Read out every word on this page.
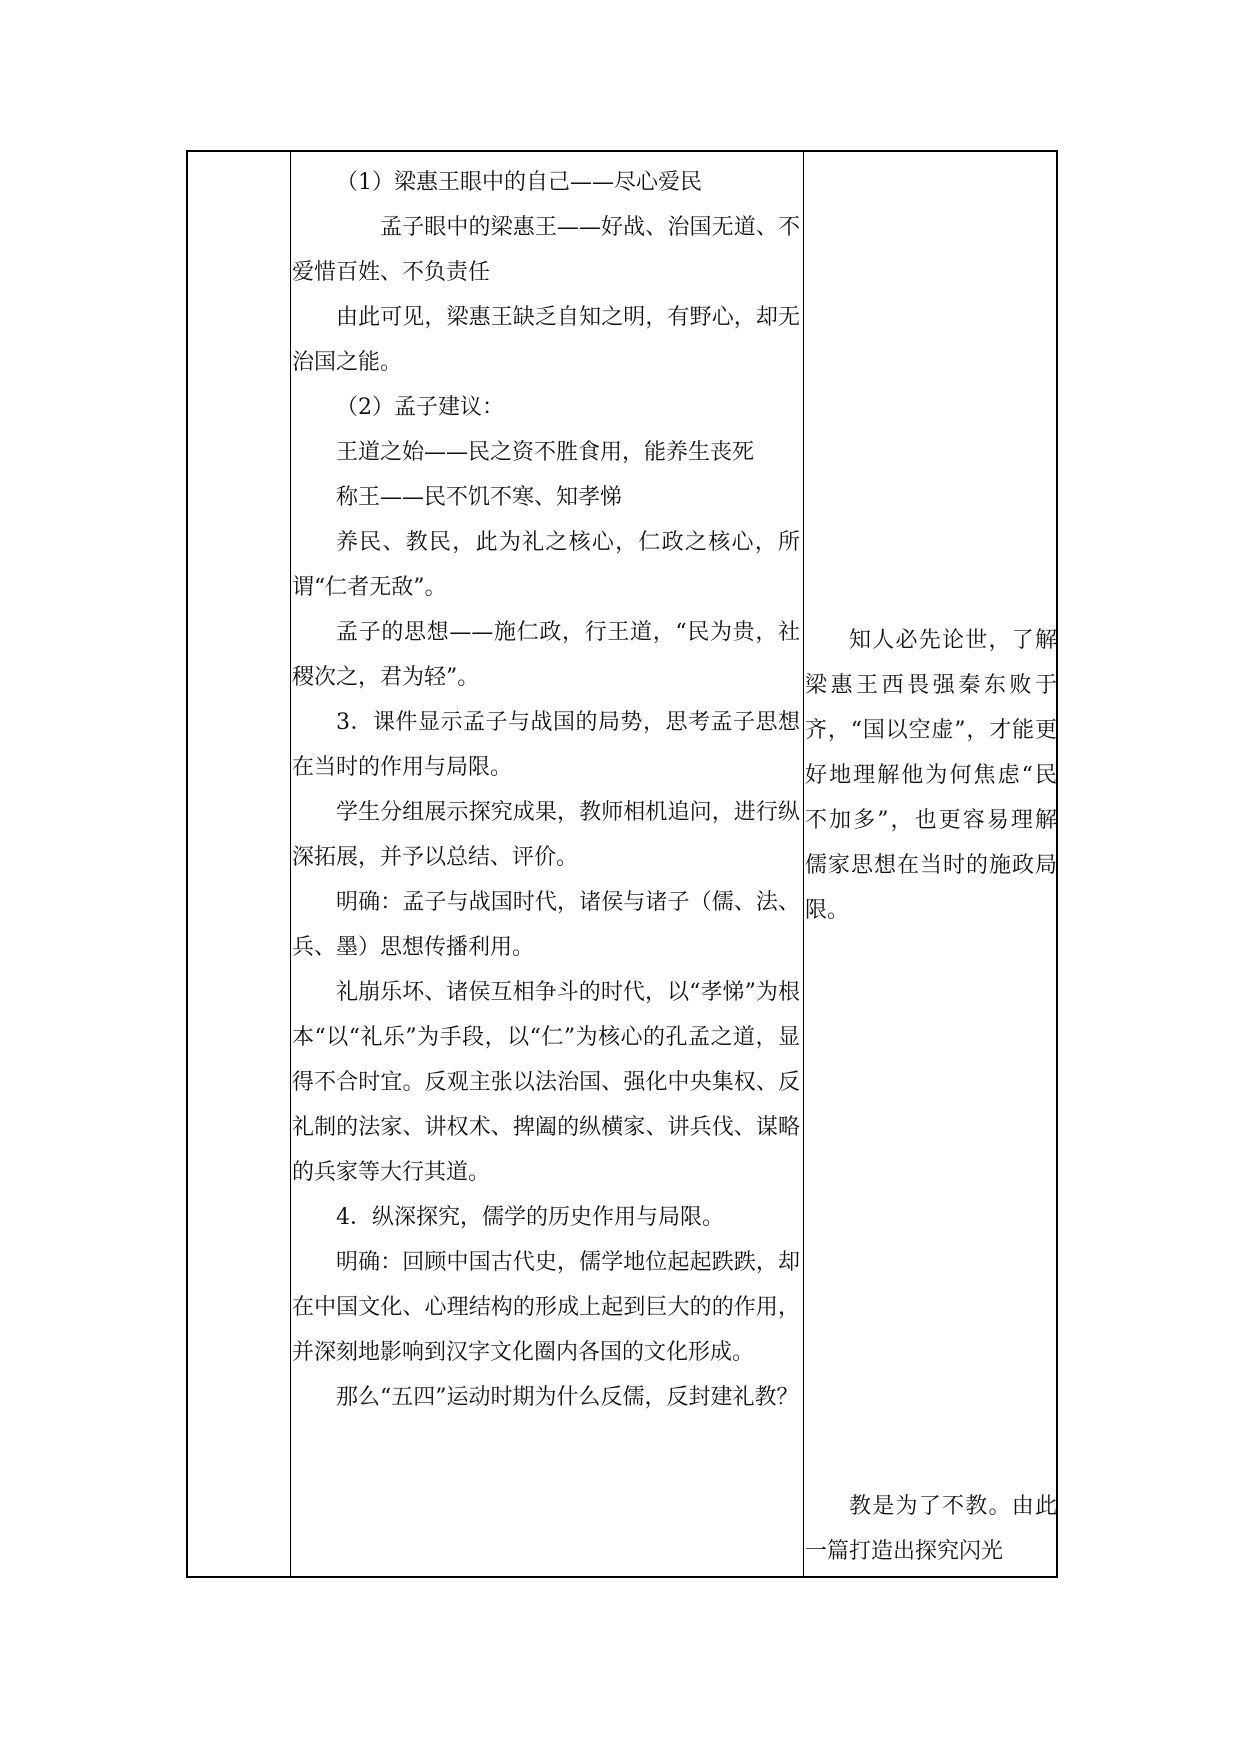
（1）梁惠王眼中的自己——尽心爱民

孟子眼中的梁惠王——好战、治国无道、不爱惜百姓、不负责任

由此可见，梁惠王缺乏自知之明，有野心，却无治国之能。

（2）孟子建议：

王道之始——民之资不胜食用，能养生丧死

称王——民不饥不寒、知孝悌

养民、教民，此为礼之核心，仁政之核心，所谓“仁者无敌”。

孟子的思想——施仁政，行王道，“民为贵，社稷次之，君为轻”。

3．课件显示孟子与战国的局势，思考孟子思想在当时的作用与局限。

学生分组展示探究成果，教师相机追问，进行纵深拓展，并予以总结、评价。

明确：孟子与战国时代，诸侯与诸子（儒、法、兵、墨）思想传播利用。

礼崩乐坏、诸侯互相争斗的时代，以“孝悌”为根本“以“礼乐”为手段，以“仁”为核心的孔孟之道，显得不合时宜。反观主张以法治国、强化中央集权、反礼制的法家、讲权术、捭阖的纵横家、讲兵伐、谋略的兵家等大行其道。

4．纵深探究，儒学的历史作用与局限。

明确：回顾中国古代史，儒学地位起起跌跌，却在中国文化、心理结构的形成上起到巨大的的作用，并深刻地影响到汉字文化圈内各国的文化形成。

那么“五四”运动时期为什么反儒，反封建礼教？

知人必先论世，了解梁惠王西畏强秦东败于齐，“国以空虚”，才能更好地理解他为何焦虑“民不加多”，也更容易理解儒家思想在当时的施政局限。

教是为了不教。由此一篇打造出探究闪光
